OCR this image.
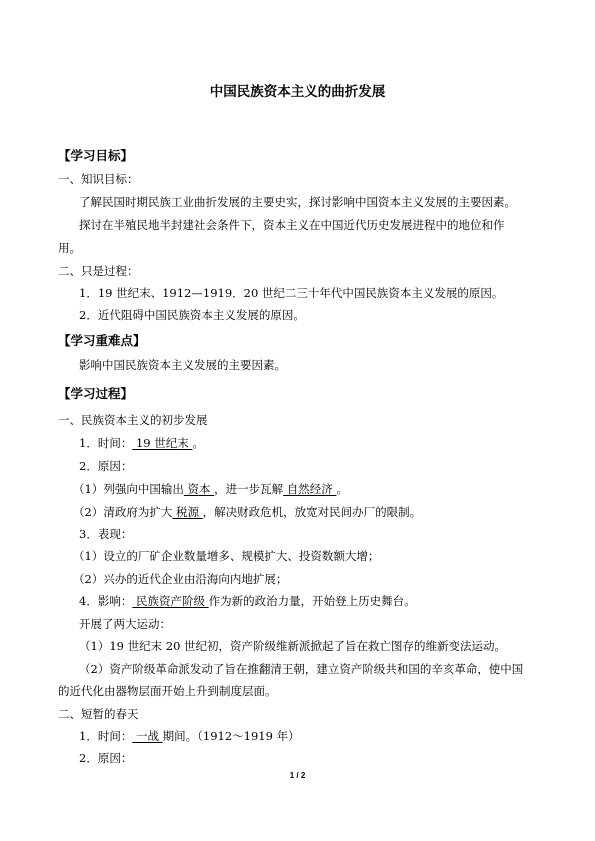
中国民族资本主义的曲折发展
【学习目标】
一、知识目标：
了解民国时期民族工业曲折发展的主要史实，探讨影响中国资本主义发展的主要因素。
探讨在半殖民地半封建社会条件下，资本主义在中国近代历史发展进程中的地位和作
用。
二、只是过程：
1．19 世纪末、1912—1919．20 世纪二三十年代中国民族资本主义发展的原因。
2．近代阻碍中国民族资本主义发展的原因。
【学习重难点】
影响中国民族资本主义发展的主要因素。
【学习过程】
一、民族资本主义的初步发展
1．时间： 19 世纪末 。
2．原因：
（1）列强向中国输出 资本 ，进一步瓦解 自然经济 。
（2）清政府为扩大 税源 ，解决财政危机，放宽对民间办厂的限制。
3．表现：
（1）设立的厂矿企业数量增多、规模扩大、投资数额大增；
（2）兴办的近代企业由沿海向内地扩展；
4．影响： 民族资产阶级 作为新的政治力量，开始登上历史舞台。
开展了两大运动：
（1）19 世纪末 20 世纪初，资产阶级维新派掀起了旨在救亡图存的维新变法运动。
（2）资产阶级革命派发动了旨在推翻清王朝，建立资产阶级共和国的辛亥革命，使中国
的近代化由器物层面开始上升到制度层面。
二、短暂的春天
1．时间： 一战 期间。（1912～1919 年）
2．原因：
1 / 2
